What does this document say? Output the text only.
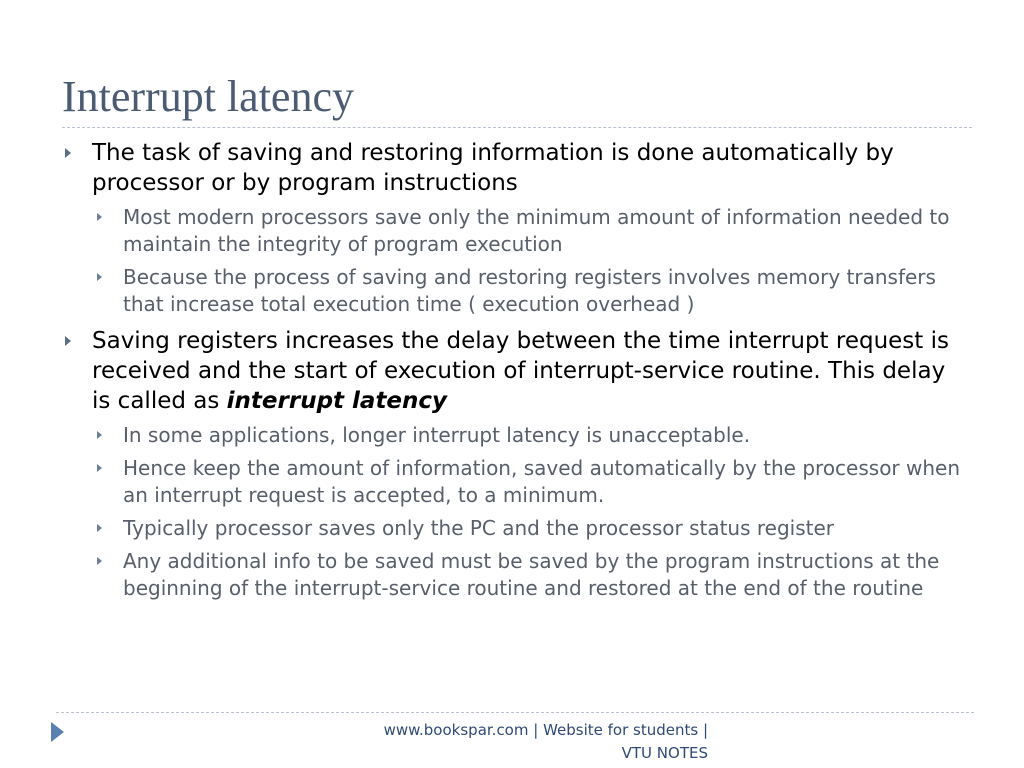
Interrupt latency
The task of saving and restoring information is done automatically by processor or by program instructions
Most modern processors save only the minimum amount of information needed to maintain the integrity of program execution
Because the process of saving and restoring registers involves memory transfers that increase total execution time ( execution overhead )
Saving registers increases the delay between the time interrupt request is received and the start of execution of interrupt-service routine. This delay is called as interrupt latency
In some applications, longer interrupt latency is unacceptable.
Hence keep the amount of information, saved automatically by the processor when an interrupt request is accepted, to a minimum.
Typically processor saves only the PC and the processor status register
Any additional info to be saved must be saved by the program instructions at the beginning of the interrupt-service routine and restored at the end of the routine
www.bookspar.com | Website for students |
VTU NOTES
